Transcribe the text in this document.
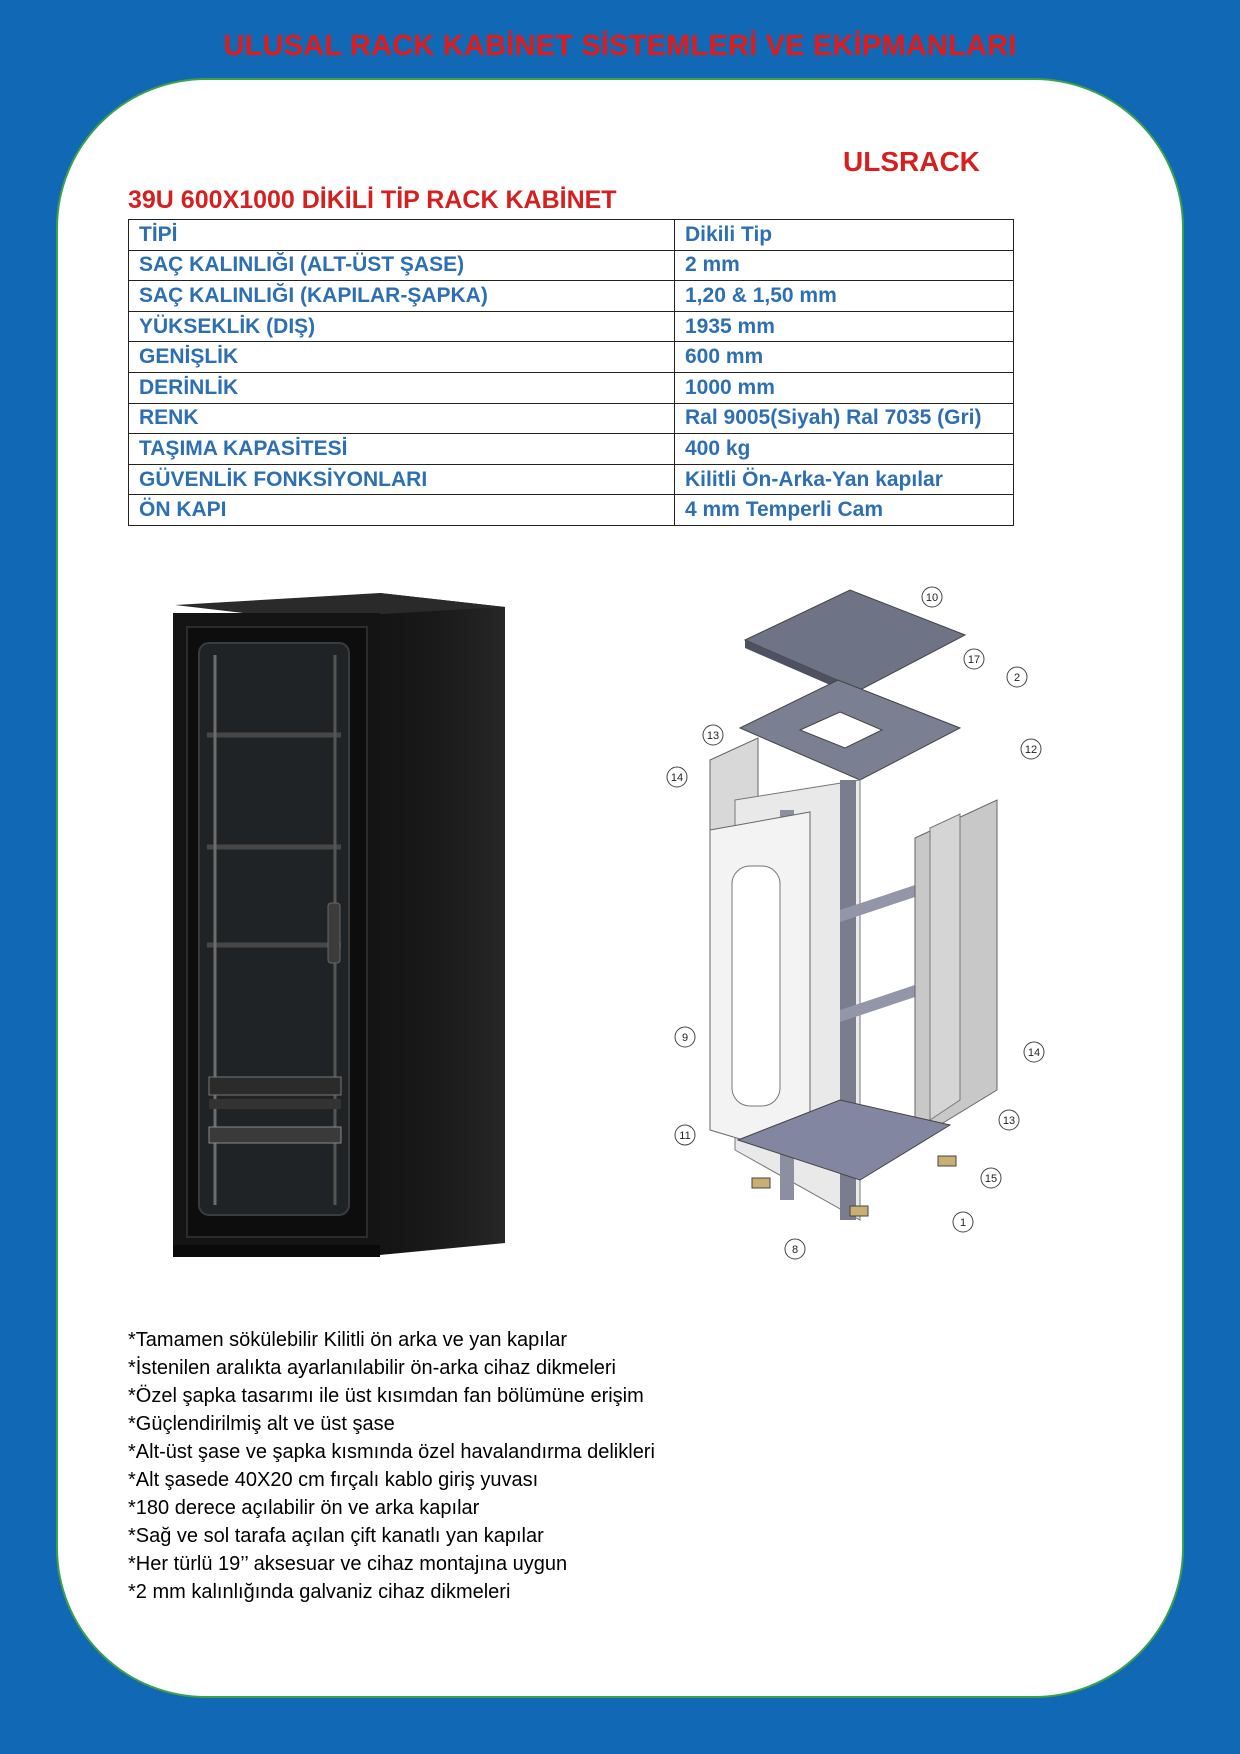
ULUSAL RACK KABİNET SİSTEMLERİ VE EKİPMANLARI
ULSRACK
39U 600X1000 DİKİLİ TİP RACK KABİNET
TİPİ	Dikili Tip
SAÇ KALINLIĞI (ALT-ÜST ŞASE)	2 mm
SAÇ KALINLIĞI (KAPILAR-ŞAPKA)	1,20 & 1,50 mm
YÜKSEKLİK (DIŞ)	1935 mm
GENİŞLİK	600 mm
DERİNLİK	1000 mm
RENK	Ral 9005(Siyah) Ral 7035 (Gri)
TAŞIMA KAPASİTESİ	400 kg
GÜVENLİK FONKSİYONLARI	Kilitli Ön-Arka-Yan kapılar
ÖN KAPI	4 mm Temperli Cam
10
17
2
12
13
14
9
14
13
11
15
1
8
*Tamamen sökülebilir Kilitli ön arka ve yan kapılar
*İstenilen aralıkta ayarlanılabilir ön-arka cihaz dikmeleri
*Özel şapka tasarımı ile üst kısımdan fan bölümüne erişim
*Güçlendirilmiş alt ve üst şase
*Alt-üst şase ve şapka kısmında özel havalandırma delikleri
*Alt şasede 40X20 cm fırçalı kablo giriş yuvası
*180 derece açılabilir ön ve arka kapılar
*Sağ ve sol tarafa açılan çift kanatlı yan kapılar
*Her türlü 19’’ aksesuar ve cihaz montajına uygun
*2 mm kalınlığında galvaniz cihaz dikmeleri
